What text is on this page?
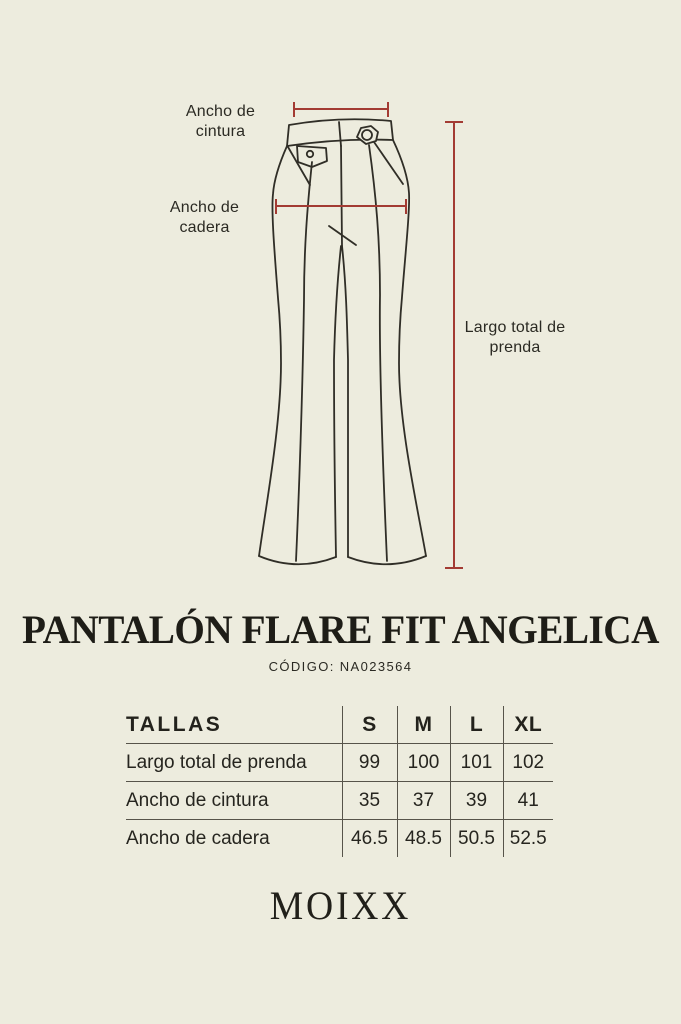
Ancho de cintura
Ancho de cadera
Largo total de prenda
PANTALÓN FLARE FIT ANGELICA
CÓDIGO: NA023564
TALLAS	S	M	L	XL
Largo total de prenda	99	100	101	102
Ancho de cintura	35	37	39	41
Ancho de cadera	46.5	48.5	50.5	52.5
MOIXX
